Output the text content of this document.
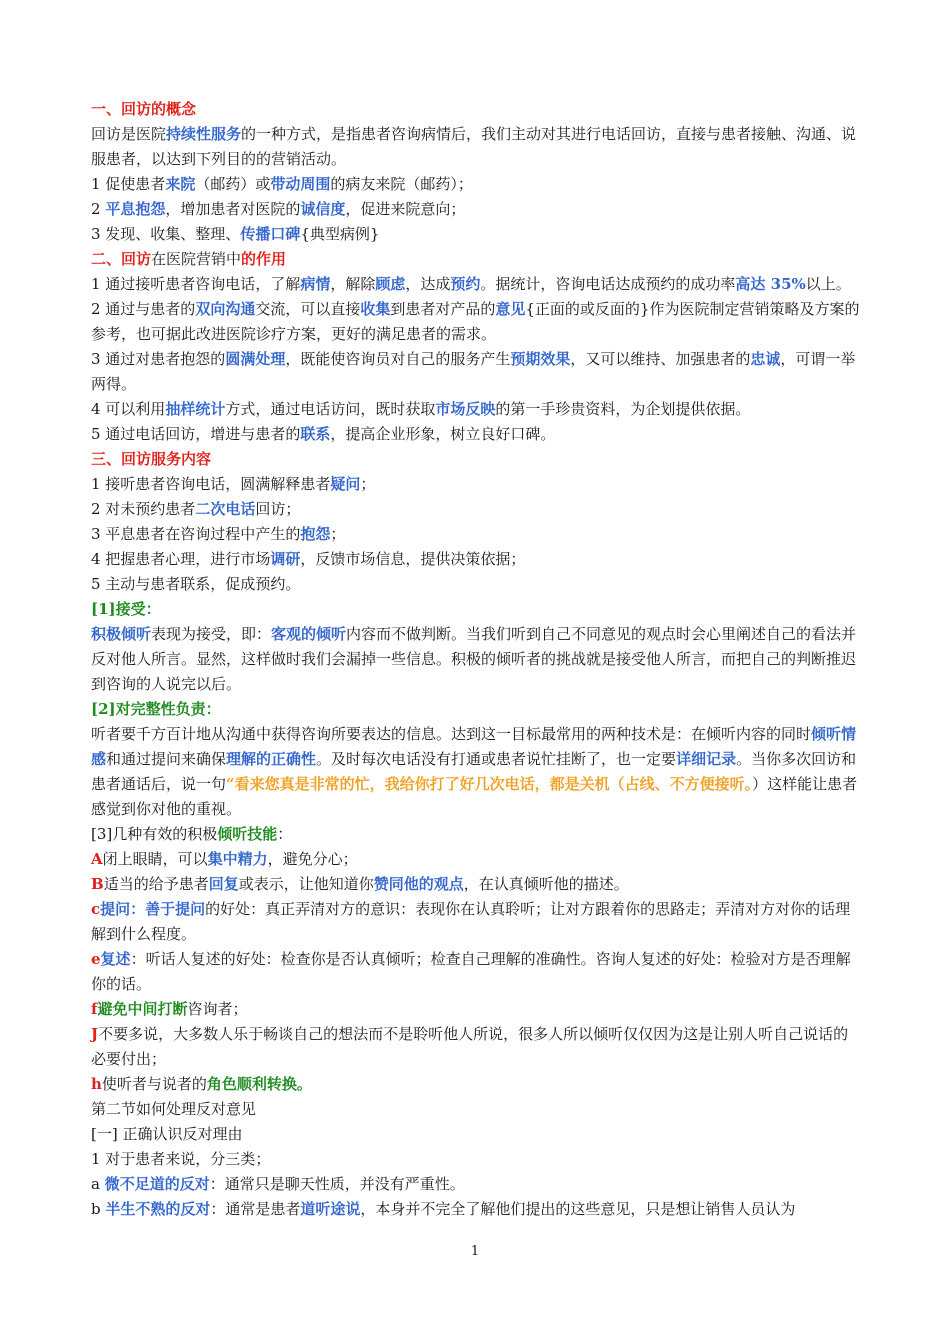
一、回访的概念

回访是医院持续性服务的一种方式，是指患者咨询病情后，我们主动对其进行电话回访，直接与患者接触、沟通、说服患者，以达到下列目的的营销活动。

1 促使患者来院（邮药）或带动周围的病友来院（邮药）；

2 平息抱怨，增加患者对医院的诚信度，促进来院意向；

3 发现、收集、整理、传播口碑{典型病例}

二、回访在医院营销中的作用

1 通过接听患者咨询电话，了解病情，解除顾虑，达成预约。据统计，咨询电话达成预约的成功率高达 35%以上。

2 通过与患者的双向沟通交流，可以直接收集到患者对产品的意见{正面的或反面的}作为医院制定营销策略及方案的参考，也可据此改进医院诊疗方案，更好的满足患者的需求。

3 通过对患者抱怨的圆满处理，既能使咨询员对自己的服务产生预期效果，又可以维持、加强患者的忠诚，可谓一举两得。

4 可以利用抽样统计方式，通过电话访问，既时获取市场反映的第一手珍贵资料，为企划提供依据。

5 通过电话回访，增进与患者的联系，提高企业形象，树立良好口碑。

三、回访服务内容

1 接听患者咨询电话，圆满解释患者疑问；

2 对未预约患者二次电话回访；

3 平息患者在咨询过程中产生的抱怨；

4 把握患者心理，进行市场调研，反馈市场信息，提供决策依据；

5 主动与患者联系，促成预约。

[1]接受：

积极倾听表现为接受，即：客观的倾听内容而不做判断。当我们听到自己不同意见的观点时会心里阐述自己的看法并反对他人所言。显然，这样做时我们会漏掉一些信息。积极的倾听者的挑战就是接受他人所言，而把自己的判断推迟到咨询的人说完以后。

[2]对完整性负责：

听者要千方百计地从沟通中获得咨询所要表达的信息。达到这一目标最常用的两种技术是：在倾听内容的同时倾听情感和通过提问来确保理解的正确性。及时每次电话没有打通或患者说忙挂断了，也一定要详细记录。当你多次回访和患者通话后，说一句“看来您真是非常的忙，我给你打了好几次电话，都是关机（占线、不方便接听。）这样能让患者感觉到你对他的重视。

[3]几种有效的积极倾听技能：

A闭上眼睛，可以集中精力，避免分心；

B适当的给予患者回复或表示，让他知道你赞同他的观点，在认真倾听他的描述。

c提问：善于提问的好处：真正弄清对方的意识：表现你在认真聆听；让对方跟着你的思路走；弄清对方对你的话理解到什么程度。

e复述：听话人复述的好处：检查你是否认真倾听；检查自己理解的准确性。咨询人复述的好处：检验对方是否理解你的话。

f避免中间打断咨询者；

J不要多说，大多数人乐于畅谈自己的想法而不是聆听他人所说，很多人所以倾听仅仅因为这是让别人听自己说话的必要付出；

h使听者与说者的角色顺利转换。

第二节如何处理反对意见

[一] 正确认识反对理由

1 对于患者来说，分三类；

a 微不足道的反对：通常只是聊天性质，并没有严重性。

b 半生不熟的反对：通常是患者道听途说，本身并不完全了解他们提出的这些意见，只是想让销售人员认为

1
